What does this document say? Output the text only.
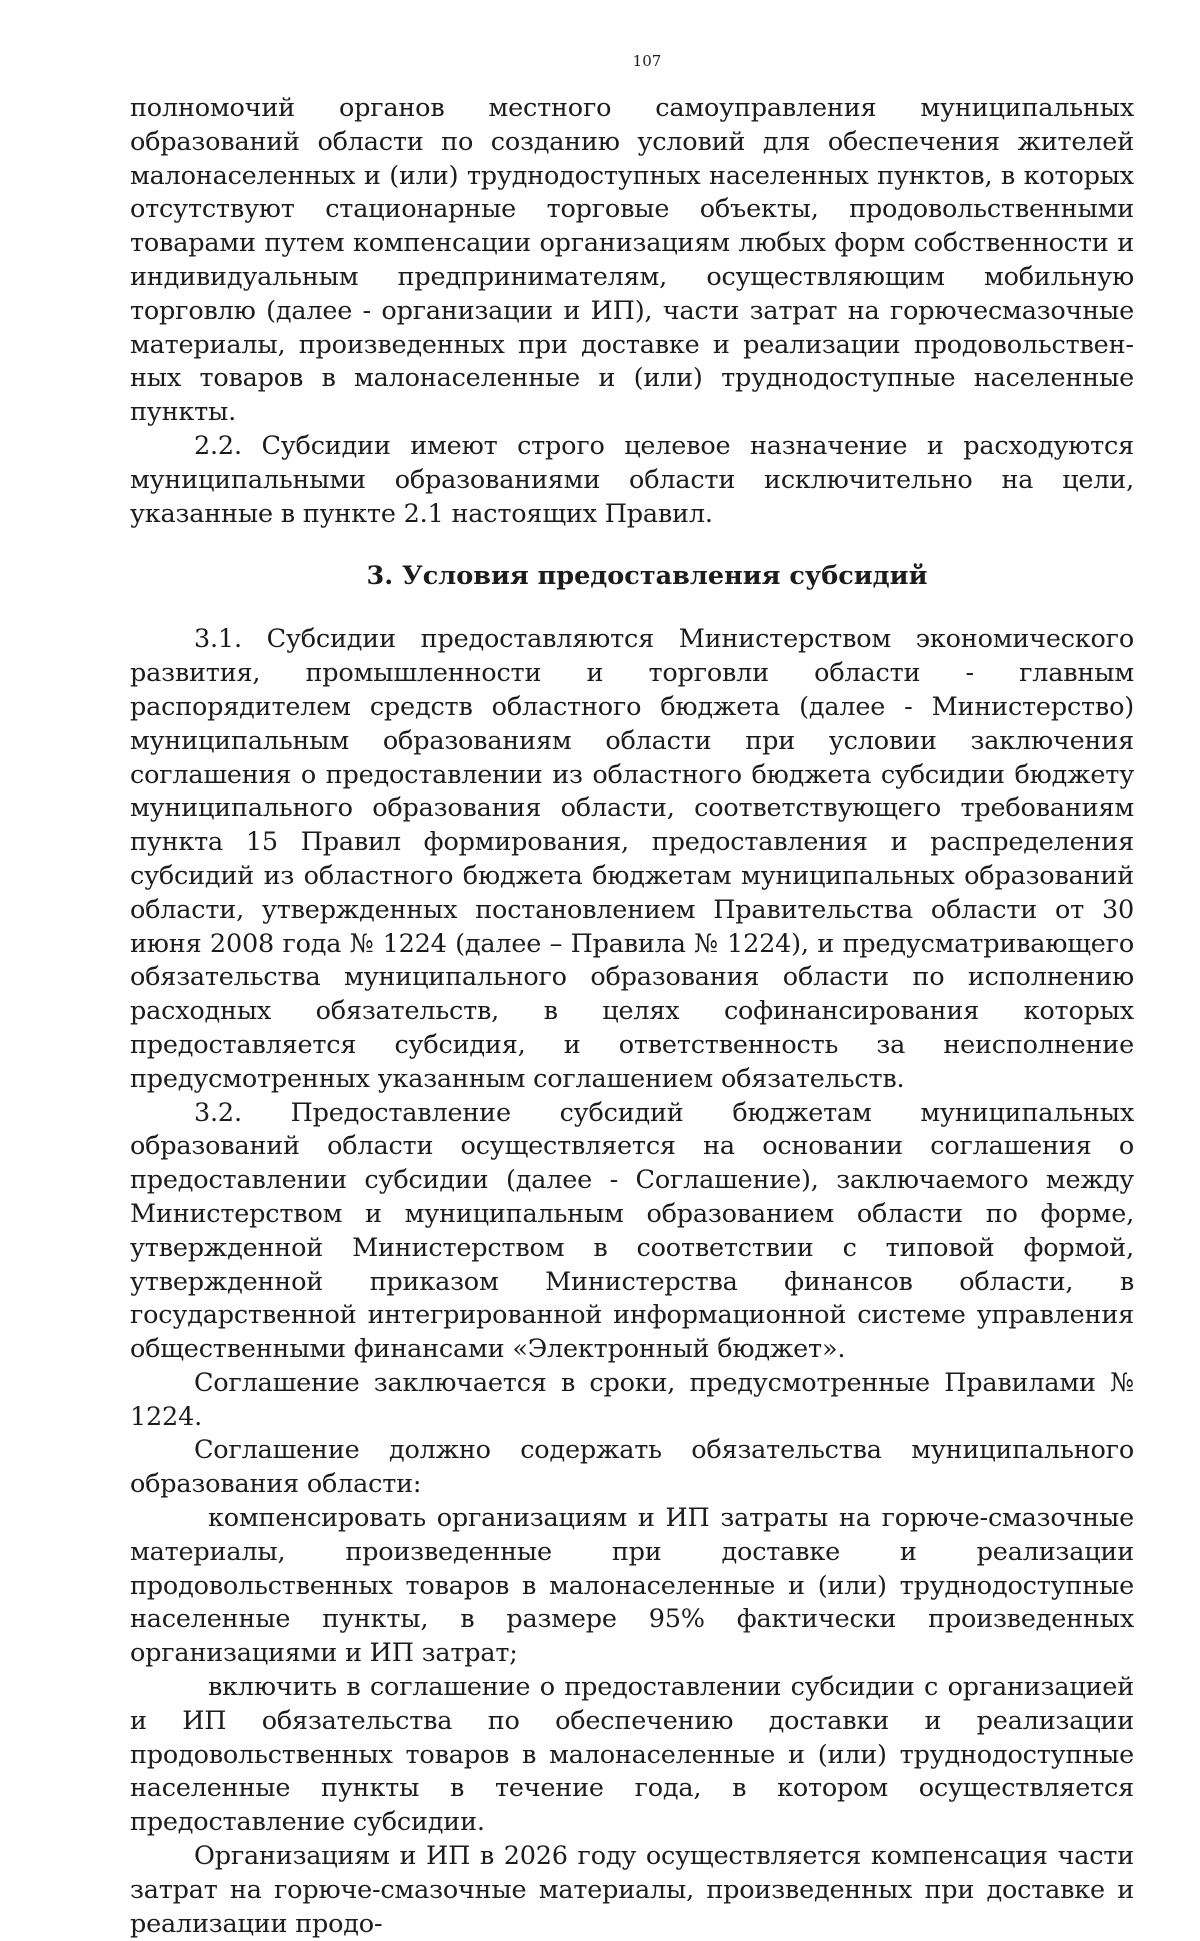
107

полномочий органов местного самоуправления муниципальных образований области по созданию условий для обеспечения жителей малонаселенных и (или) труднодоступных населенных пунктов, в которых отсутствуют стационарные торговые объекты, продовольственными товарами путем компенсации организациям любых форм собственности и индивидуальным предпринимателям, осуществляющим мобильную торговлю (далее - организации и ИП), части затрат на горючесмазочные материалы, произведенных при доставке и реализации продовольственных товаров в малонаселенные и (или) труднодоступные населенные пункты.

2.2. Субсидии имеют строго целевое назначение и расходуются муниципальными образованиями области исключительно на цели, указанные в пункте 2.1 настоящих Правил.

3. Условия предоставления субсидий

3.1. Субсидии предоставляются Министерством экономического развития, промышленности и торговли области - главным распорядителем средств областного бюджета (далее - Министерство) муниципальным образованиям области при условии заключения соглашения о предоставлении из областного бюджета субсидии бюджету муниципального образования области, соответствующего требованиям пункта 15 Правил формирования, предоставления и распределения субсидий из областного бюджета бюджетам муниципальных образований области, утвержденных постановлением Правительства области от 30 июня 2008 года № 1224 (далее – Правила № 1224), и предусматривающего обязательства муниципального образования области по исполнению расходных обязательств, в целях софинансирования которых предоставляется субсидия, и ответственность за неисполнение предусмотренных указанным соглашением обязательств.

3.2. Предоставление субсидий бюджетам муниципальных образований области осуществляется на основании соглашения о предоставлении субсидии (далее - Соглашение), заключаемого между Министерством и муниципальным образованием области по форме, утвержденной Министерством в соответствии с типовой формой, утвержденной приказом Министерства финансов области, в государственной интегрированной информационной системе управления общественными финансами «Электронный бюджет».

Соглашение заключается в сроки, предусмотренные Правилами № 1224.

Соглашение должно содержать обязательства муниципального образования области:

компенсировать организациям и ИП затраты на горюче-смазочные материалы, произведенные при доставке и реализации продовольственных товаров в малонаселенные и (или) труднодоступные населенные пункты, в размере 95% фактически произведенных организациями и ИП затрат;

включить в соглашение о предоставлении субсидии с организацией и ИП обязательства по обеспечению доставки и реализации продовольственных товаров в малонаселенные и (или) труднодоступные населенные пункты в течение года, в котором осуществляется предоставление субсидии.

Организациям и ИП в 2026 году осуществляется компенсация части затрат на горюче-смазочные материалы, произведенных при доставке и реализации продо-
